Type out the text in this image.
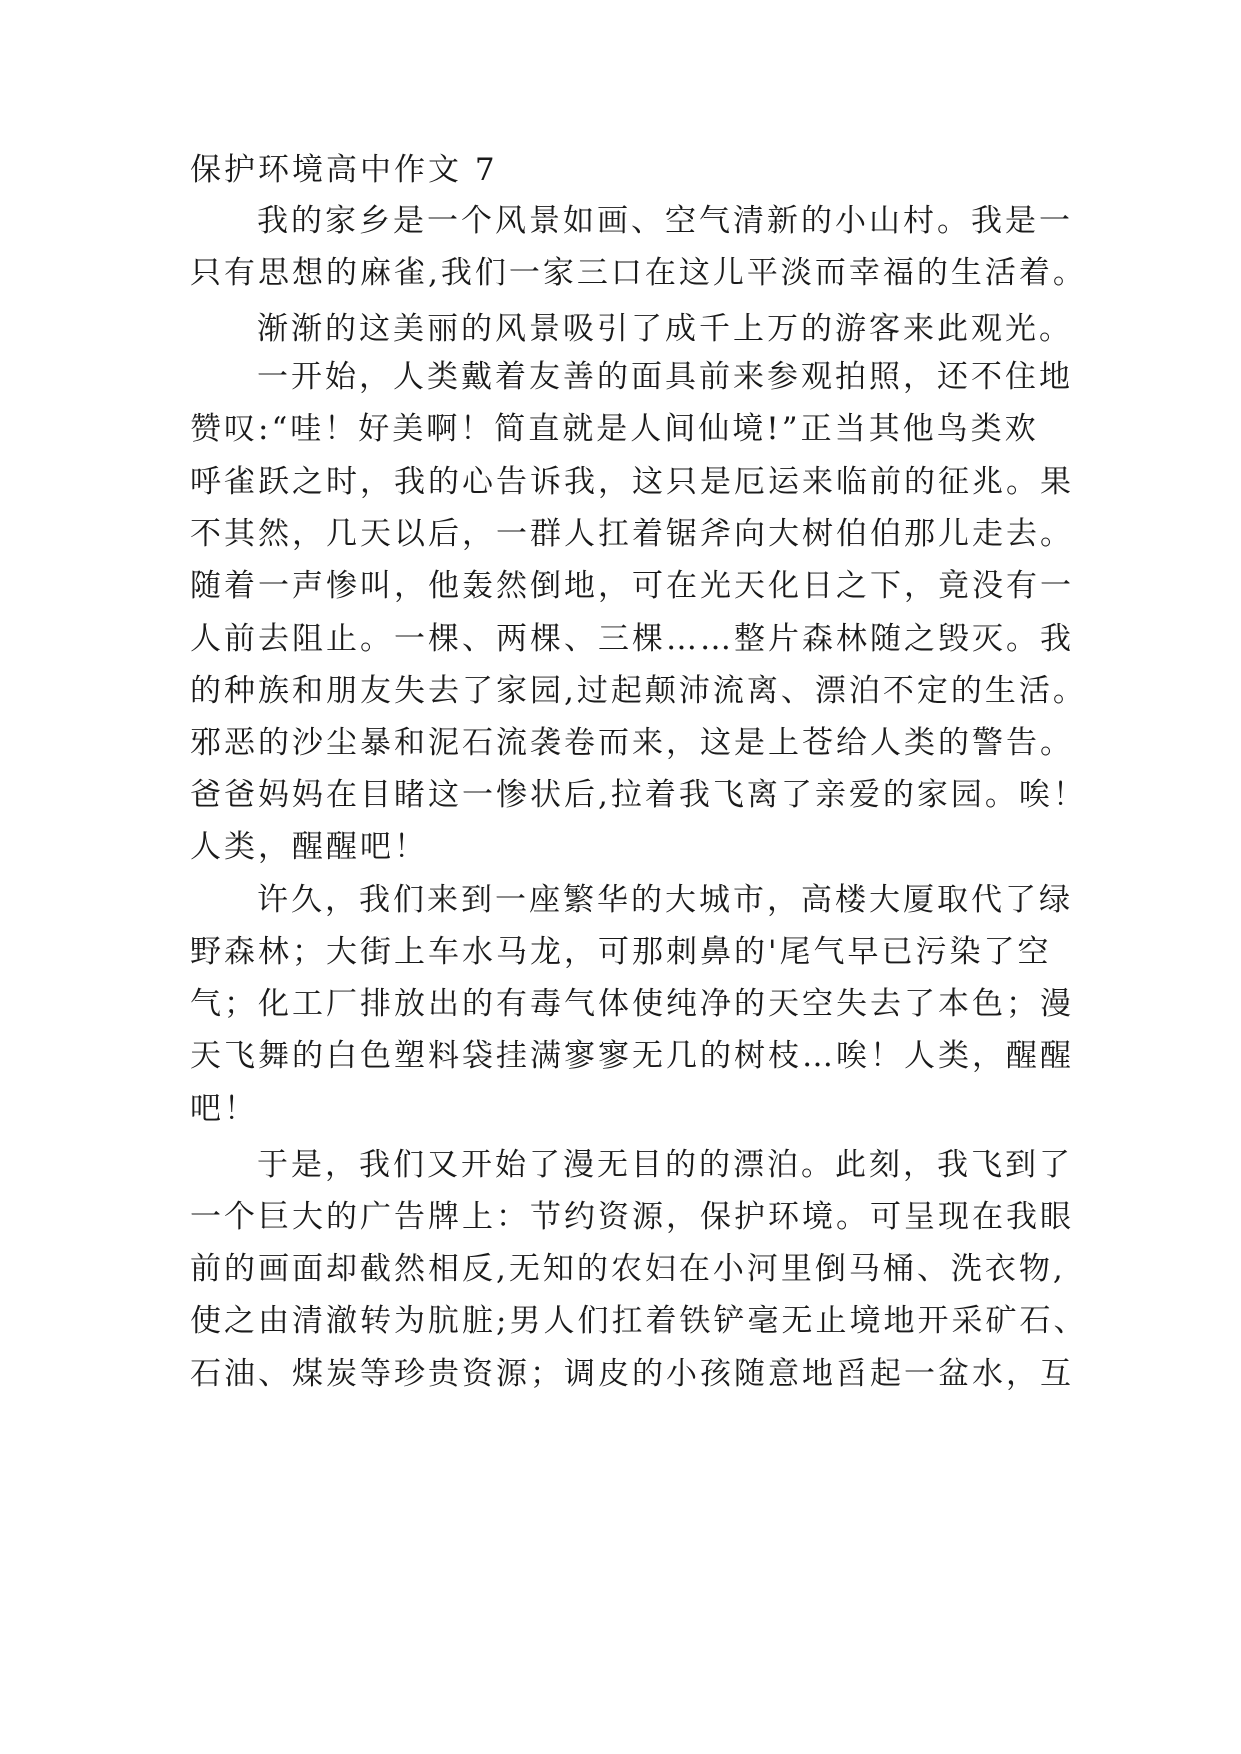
保护环境高中作文 7
我的家乡是一个风景如画、空气清新的小山村。我是一
只有思想的麻雀,我们一家三口在这儿平淡而幸福的生活着。
渐渐的这美丽的风景吸引了成千上万的游客来此观光。
一开始，人类戴着友善的面具前来参观拍照，还不住地
赞叹:“哇！好美啊！简直就是人间仙境!”正当其他鸟类欢
呼雀跃之时，我的心告诉我，这只是厄运来临前的征兆。果
不其然，几天以后，一群人扛着锯斧向大树伯伯那儿走去。
随着一声惨叫，他轰然倒地，可在光天化日之下，竟没有一
人前去阻止。一棵、两棵、三棵……整片森林随之毁灭。我
的种族和朋友失去了家园,过起颠沛流离、漂泊不定的生活。
邪恶的沙尘暴和泥石流袭卷而来，这是上苍给人类的警告。
爸爸妈妈在目睹这一惨状后,拉着我飞离了亲爱的家园。唉！
人类，醒醒吧！
许久，我们来到一座繁华的大城市，高楼大厦取代了绿
野森林；大街上车水马龙，可那刺鼻的'尾气早已污染了空
气；化工厂排放出的有毒气体使纯净的天空失去了本色；漫
天飞舞的白色塑料袋挂满寥寥无几的树枝…唉！人类，醒醒
吧！
于是，我们又开始了漫无目的的漂泊。此刻，我飞到了
一个巨大的广告牌上：节约资源，保护环境。可呈现在我眼
前的画面却截然相反,无知的农妇在小河里倒马桶、洗衣物,
使之由清澈转为肮脏;男人们扛着铁铲毫无止境地开采矿石、
石油、煤炭等珍贵资源；调皮的小孩随意地舀起一盆水，互
